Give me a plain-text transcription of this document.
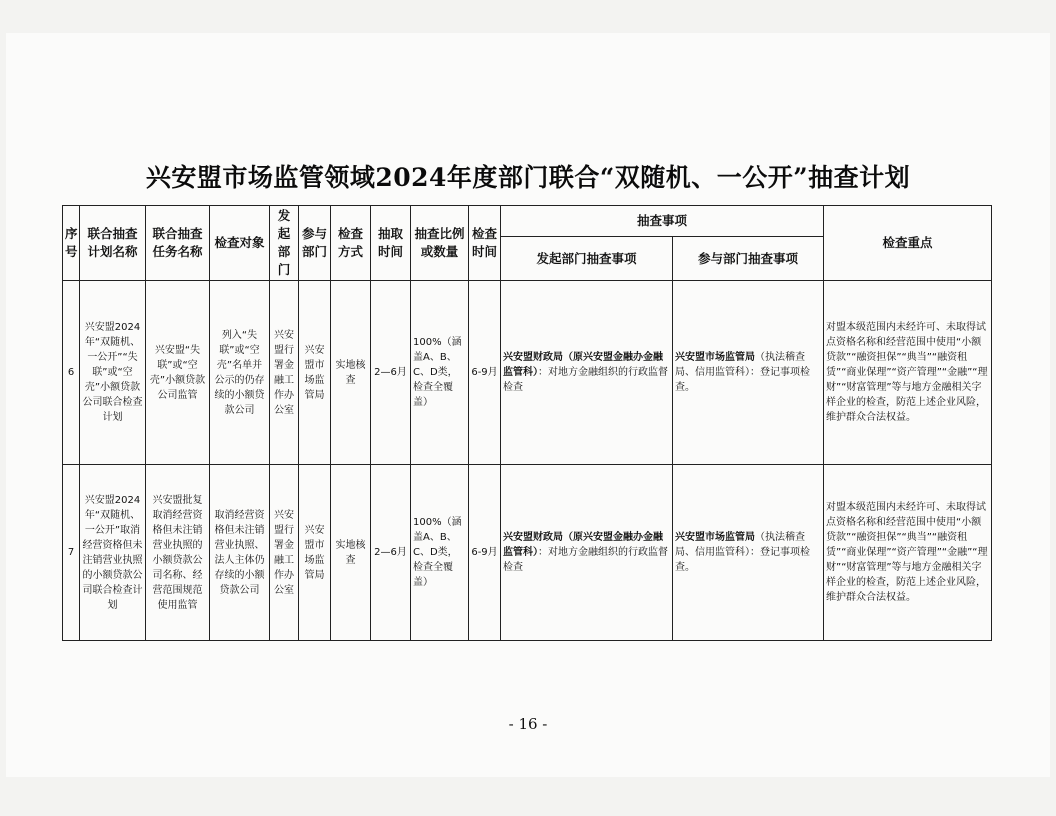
兴安盟市场监管领域2024年度部门联合“双随机、一公开”抽查计划
序号	联合抽查计划名称	联合抽查任务名称	检查对象	发起部门	参与部门	检查方式	抽取时间	抽查比例或数量	检查时间	抽查事项		检查重点
										发起部门抽查事项	参与部门抽查事项	
6	兴安盟2024年“双随机、一公开”“失联”或“空壳”小额贷款公司联合检查计划	兴安盟“失联”或“空壳”小额贷款公司监管	列入“失联”或“空壳”名单并公示的仍存续的小额贷款公司	兴安盟行署金融工作办公室	兴安盟市场监管局	实地核查	2—6月	100%（涵盖A、B、C、D类，检查全覆盖）	6-9月	兴安盟财政局（原兴安盟金融办金融监管科）：对地方金融组织的行政监督检查	兴安盟市场监管局（执法稽查局、信用监管科）：登记事项检查。	对盟本级范围内未经许可、未取得试点资格名称和经营范围中使用“小额贷款”“融资担保”“典当”“融资租赁”“商业保理”“资产管理”“金融”“理财”“财富管理”等与地方金融相关字样企业的检查，防范上述企业风险，维护群众合法权益。
7	兴安盟2024年“双随机、一公开”取消经营资格但未注销营业执照的小额贷款公司联合检查计划	兴安盟批复取消经营资格但未注销营业执照的小额贷款公司名称、经营范围规范使用监管	取消经营资格但未注销营业执照、法人主体仍存续的小额贷款公司	兴安盟行署金融工作办公室	兴安盟市场监管局	实地核查	2—6月	100%（涵盖A、B、C、D类，检查全覆盖）	6-9月	兴安盟财政局（原兴安盟金融办金融监管科）：对地方金融组织的行政监督检查	兴安盟市场监管局（执法稽查局、信用监管科）：登记事项检查。	对盟本级范围内未经许可、未取得试点资格名称和经营范围中使用“小额贷款”“融资担保”“典当”“融资租赁”“商业保理”“资产管理”“金融”“理财”“财富管理”等与地方金融相关字样企业的检查，防范上述企业风险，维护群众合法权益。
- 16 -
